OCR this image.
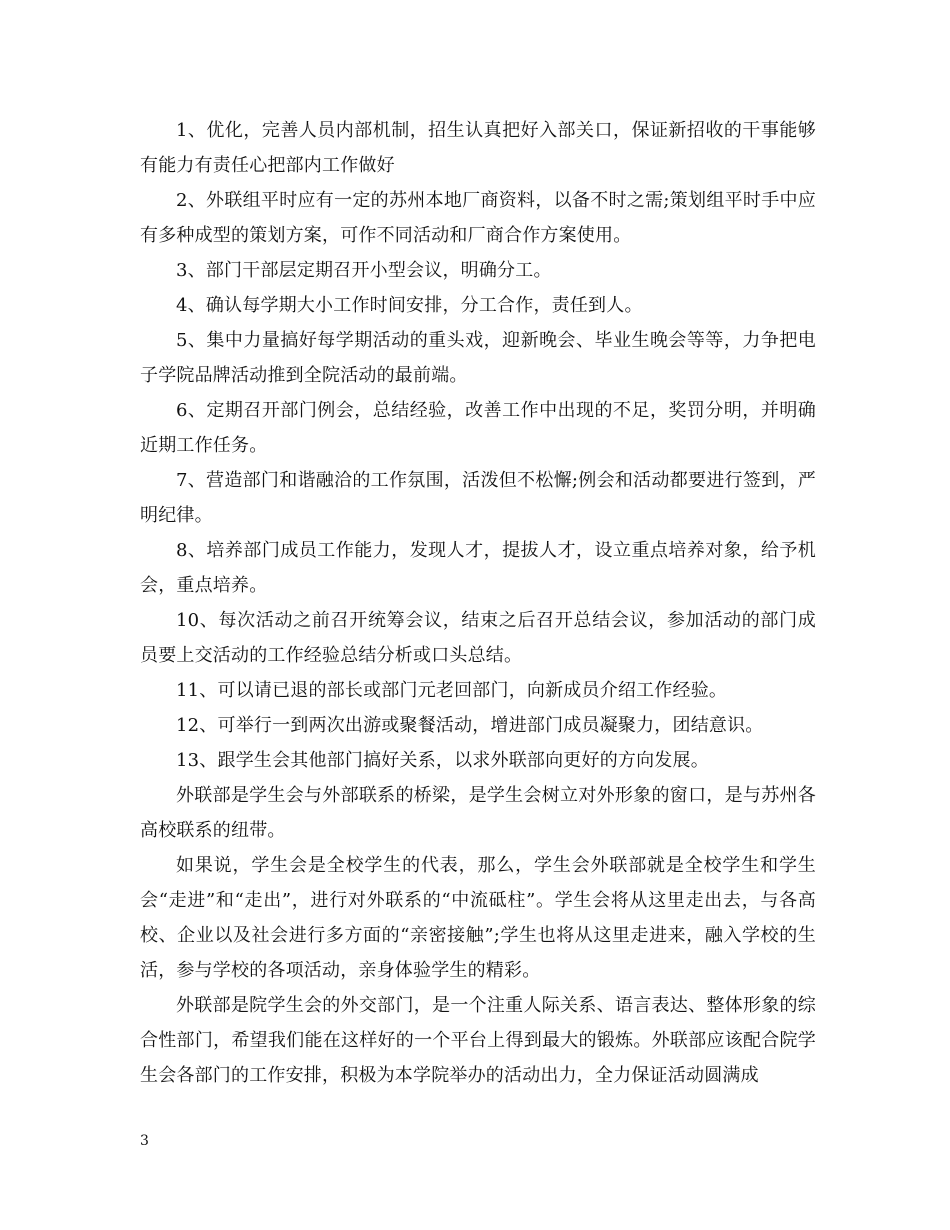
1、优化，完善人员内部机制，招生认真把好入部关口，保证新招收的干事能够有能力有责任心把部内工作做好

2、外联组平时应有一定的苏州本地厂商资料，以备不时之需;策划组平时手中应有多种成型的策划方案，可作不同活动和厂商合作方案使用。

3、部门干部层定期召开小型会议，明确分工。

4、确认每学期大小工作时间安排，分工合作，责任到人。

5、集中力量搞好每学期活动的重头戏，迎新晚会、毕业生晚会等等，力争把电子学院品牌活动推到全院活动的最前端。

6、定期召开部门例会，总结经验，改善工作中出现的不足，奖罚分明，并明确近期工作任务。

7、营造部门和谐融洽的工作氛围，活泼但不松懈;例会和活动都要进行签到，严明纪律。

8、培养部门成员工作能力，发现人才，提拔人才，设立重点培养对象，给予机会，重点培养。

10、每次活动之前召开统筹会议，结束之后召开总结会议，参加活动的部门成员要上交活动的工作经验总结分析或口头总结。

11、可以请已退的部长或部门元老回部门，向新成员介绍工作经验。

12、可举行一到两次出游或聚餐活动，增进部门成员凝聚力，团结意识。

13、跟学生会其他部门搞好关系，以求外联部向更好的方向发展。

外联部是学生会与外部联系的桥梁，是学生会树立对外形象的窗口，是与苏州各高校联系的纽带。

如果说，学生会是全校学生的代表，那么，学生会外联部就是全校学生和学生会“走进”和“走出”，进行对外联系的“中流砥柱”。学生会将从这里走出去，与各高校、企业以及社会进行多方面的“亲密接触”;学生也将从这里走进来，融入学校的生活，参与学校的各项活动，亲身体验学生的精彩。

外联部是院学生会的外交部门，是一个注重人际关系、语言表达、整体形象的综合性部门，希望我们能在这样好的一个平台上得到最大的锻炼。外联部应该配合院学生会各部门的工作安排，积极为本学院举办的活动出力，全力保证活动圆满成

3
